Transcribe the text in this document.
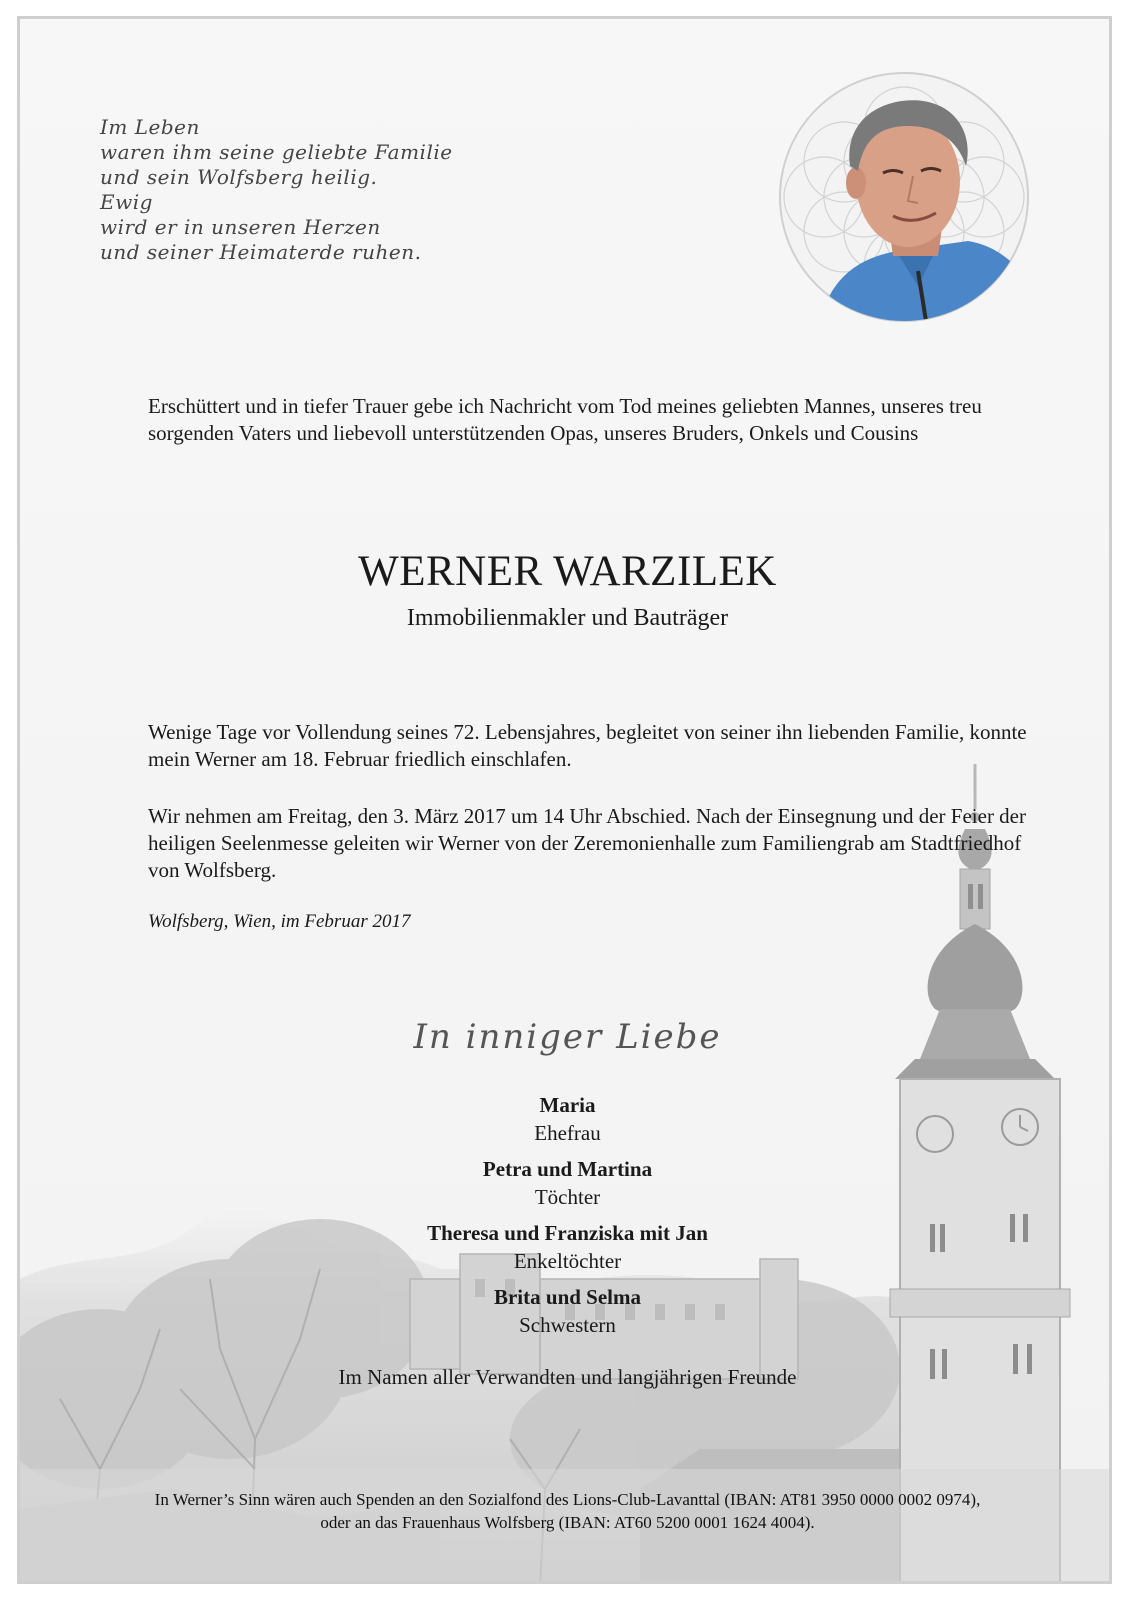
Im Leben
waren ihm seine geliebte Familie
und sein Wolfsberg heilig.
Ewig
wird er in unseren Herzen
und seiner Heimaterde ruhen.
Erschüttert und in tiefer Trauer gebe ich Nachricht vom Tod meines geliebten Mannes, unseres treu sorgenden Vaters und liebevoll unterstützenden Opas, unseres Bruders, Onkels und Cousins
WERNER WARZILEK
Immobilienmakler und Bauträger
Wenige Tage vor Vollendung seines 72. Lebensjahres, begleitet von seiner ihn liebenden Familie, konnte mein Werner am 18. Februar friedlich einschlafen.
Wir nehmen am Freitag, den 3. März 2017 um 14 Uhr Abschied. Nach der Einsegnung und der Feier der heiligen Seelenmesse geleiten wir Werner von der Zeremonienhalle zum Familiengrab am Stadtfriedhof von Wolfsberg.
Wolfsberg, Wien, im Februar 2017
In inniger Liebe
Maria
Ehefrau
Petra und Martina
Töchter
Theresa und Franziska mit Jan
Enkeltöchter
Brita und Selma
Schwestern
Im Namen aller Verwandten und langjährigen Freunde
In Werner’s Sinn wären auch Spenden an den Sozialfond des Lions-Club-Lavanttal (IBAN: AT81 3950 0000 0002 0974),
oder an das Frauenhaus Wolfsberg (IBAN: AT60 5200 0001 1624 4004).
